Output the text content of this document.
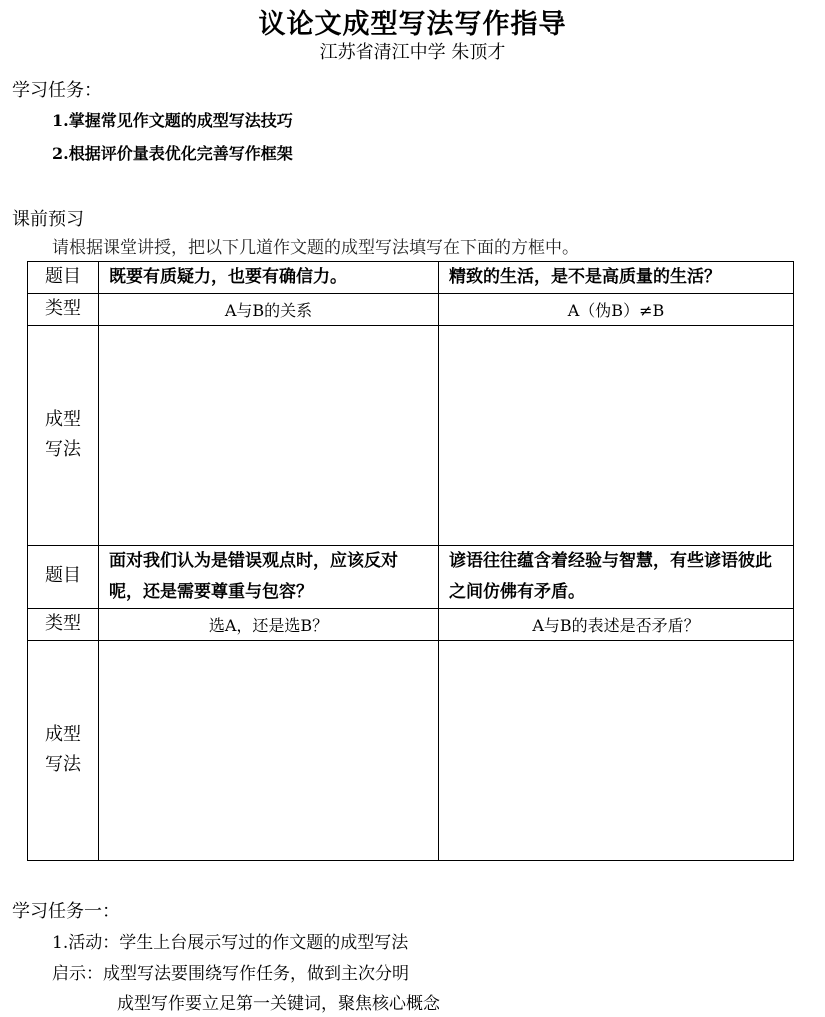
议论文成型写法写作指导
江苏省清江中学 朱顶才
学习任务：
1.掌握常见作文题的成型写法技巧
2.根据评价量表优化完善写作框架
课前预习
请根据课堂讲授，把以下几道作文题的成型写法填写在下面的方框中。
题目	既要有质疑力，也要有确信力。	精致的生活，是不是高质量的生活？
类型	A与B的关系	A（伪B）≠B

成型
写法		

题目	面对我们认为是错误观点时，应该反对呢，还是需要尊重与包容？	谚语往往蕴含着经验与智慧，有些谚语彼此之间仿佛有矛盾。
类型	选A，还是选B？	A与B的表述是否矛盾？

成型
写法		

学习任务一：
1.活动：学生上台展示写过的作文题的成型写法
启示：成型写法要围绕写作任务，做到主次分明
成型写作要立足第一关键词，聚焦核心概念
